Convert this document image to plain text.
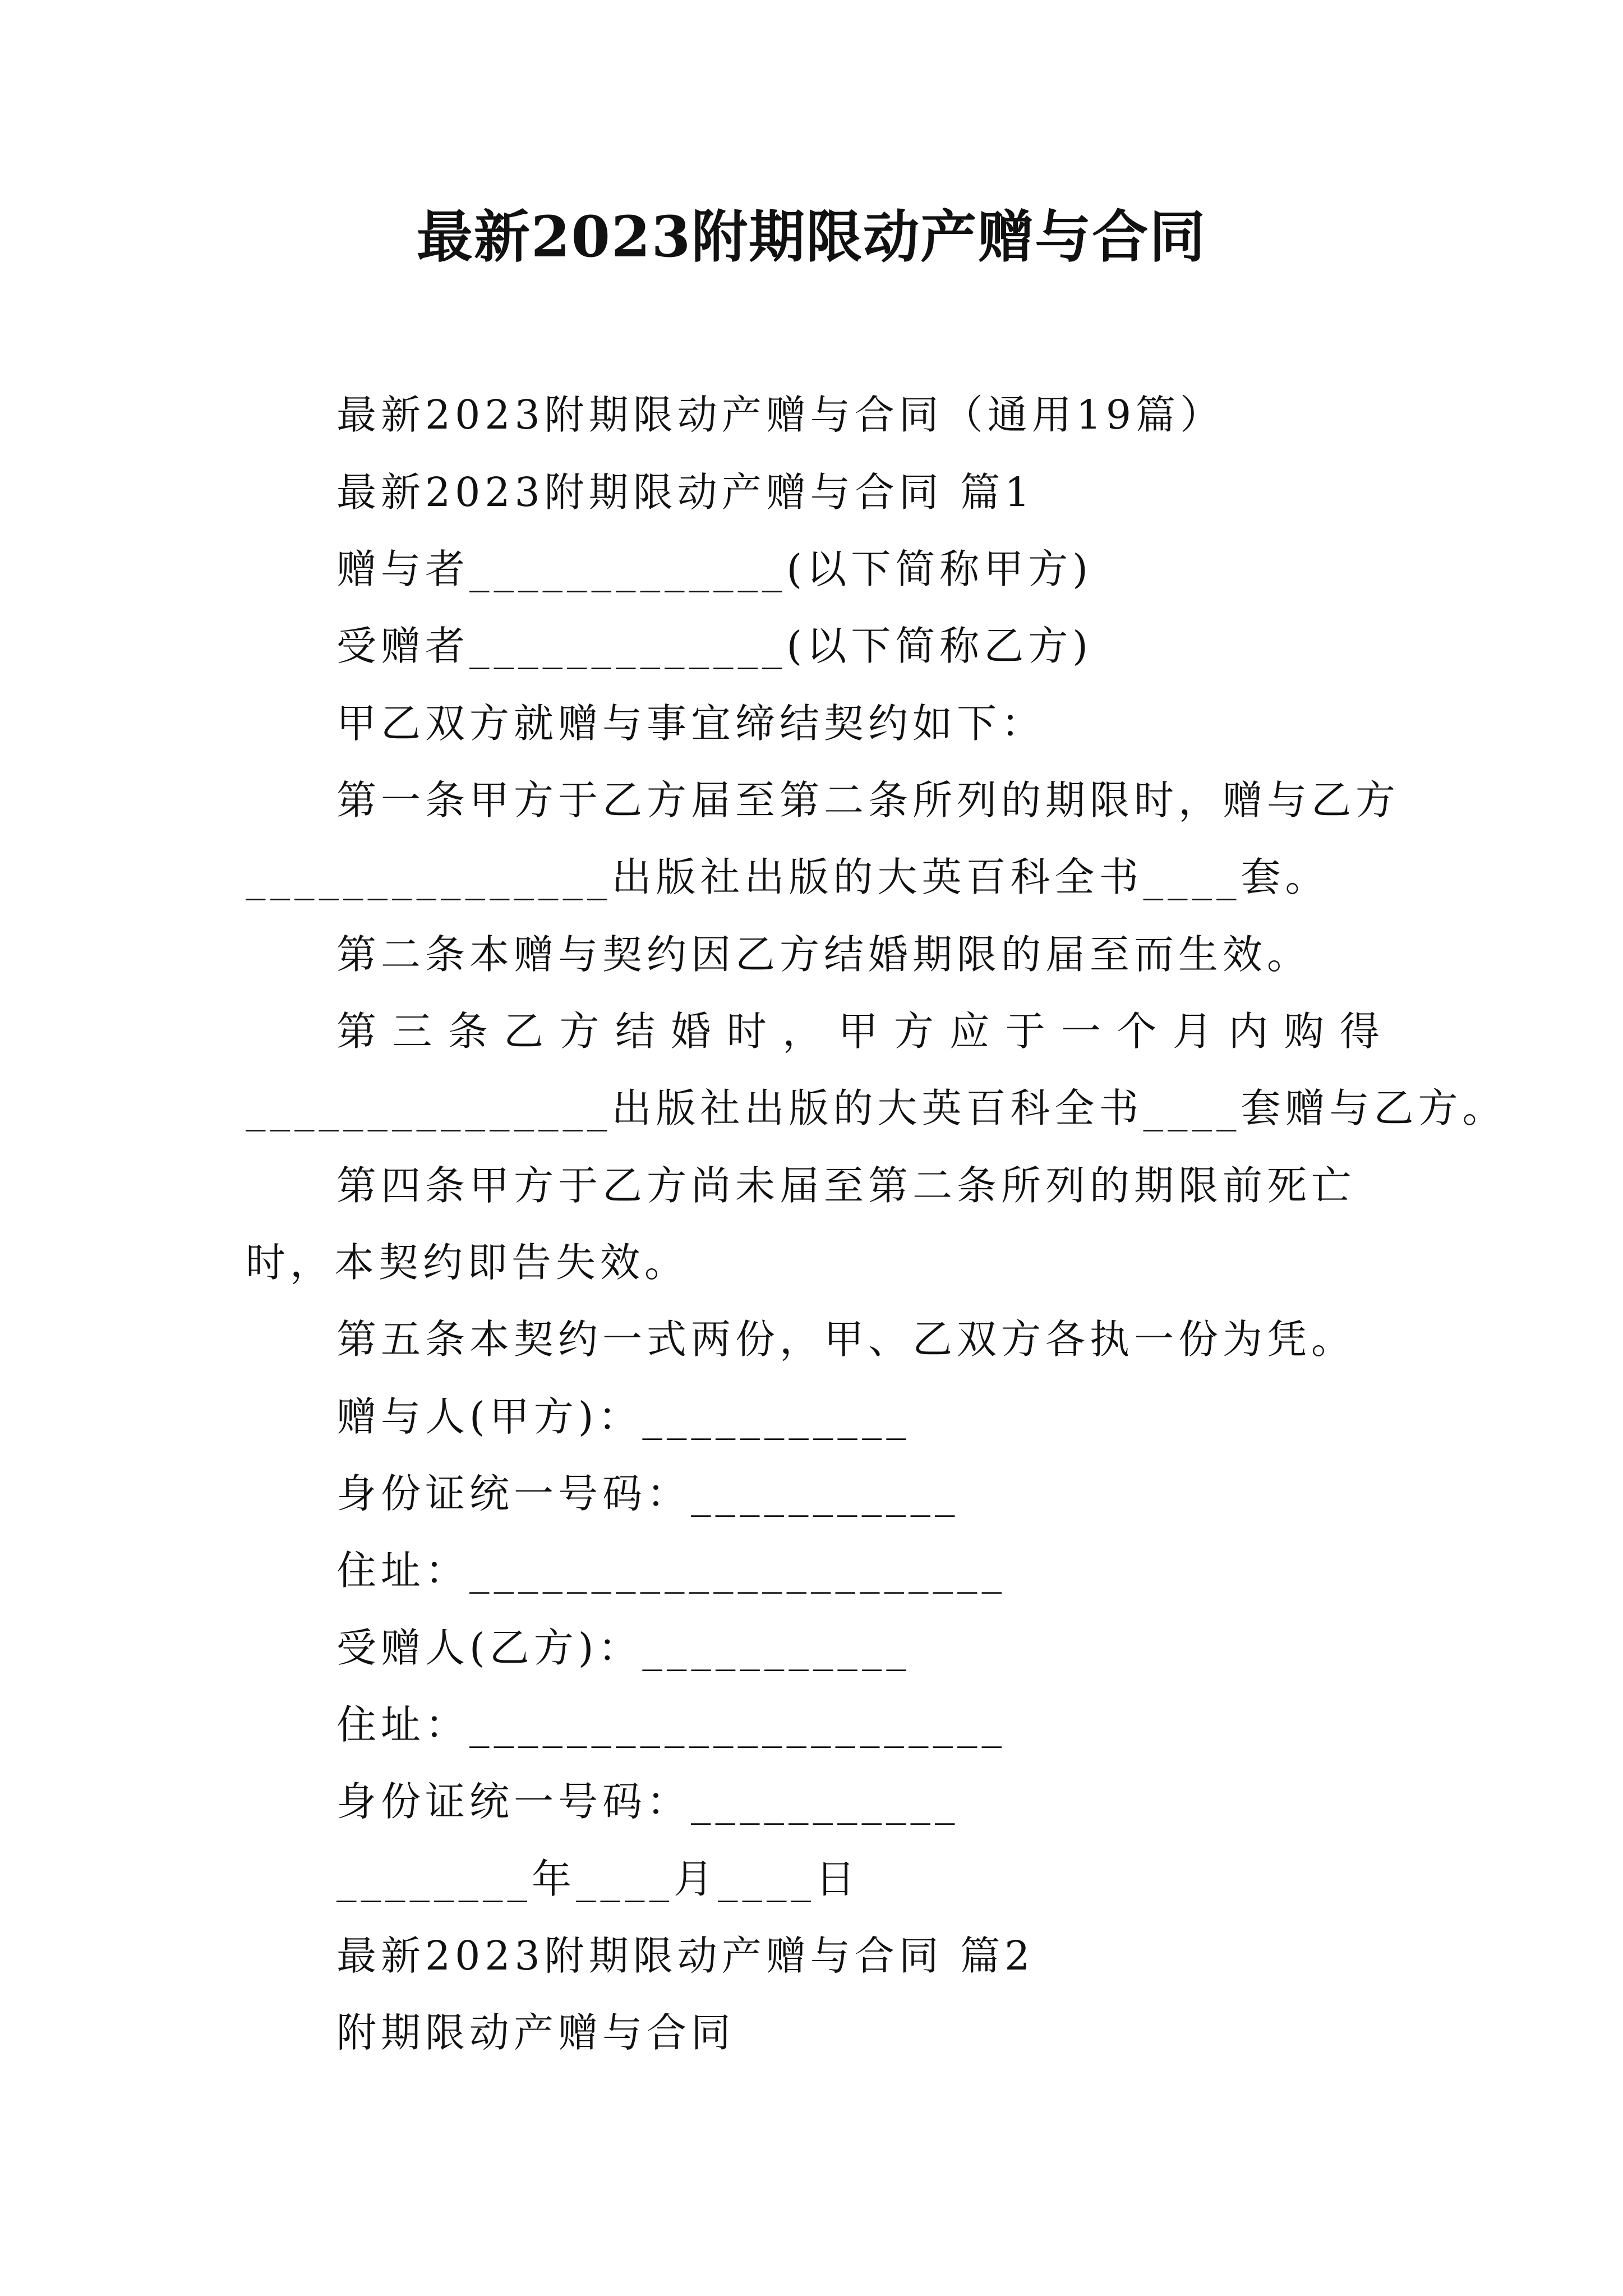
最新2023附期限动产赠与合同
最新2023附期限动产赠与合同（通用19篇）
最新2023附期限动产赠与合同 篇1
赠与者_____________(以下简称甲方)
受赠者_____________(以下简称乙方)
甲乙双方就赠与事宜缔结契约如下：
第一条甲方于乙方届至第二条所列的期限时，赠与乙方
_______________出版社出版的大英百科全书____套。
第二条本赠与契约因乙方结婚期限的届至而生效。
第三条乙方结婚时，甲方应于一个月内购得
_______________出版社出版的大英百科全书____套赠与乙方。
第四条甲方于乙方尚未届至第二条所列的期限前死亡
时，本契约即告失效。
第五条本契约一式两份，甲、乙双方各执一份为凭。
赠与人(甲方)：___________
身份证统一号码：___________
住址：______________________
受赠人(乙方)：___________
住址：______________________
身份证统一号码：___________
________年____月____日
最新2023附期限动产赠与合同 篇2
附期限动产赠与合同
